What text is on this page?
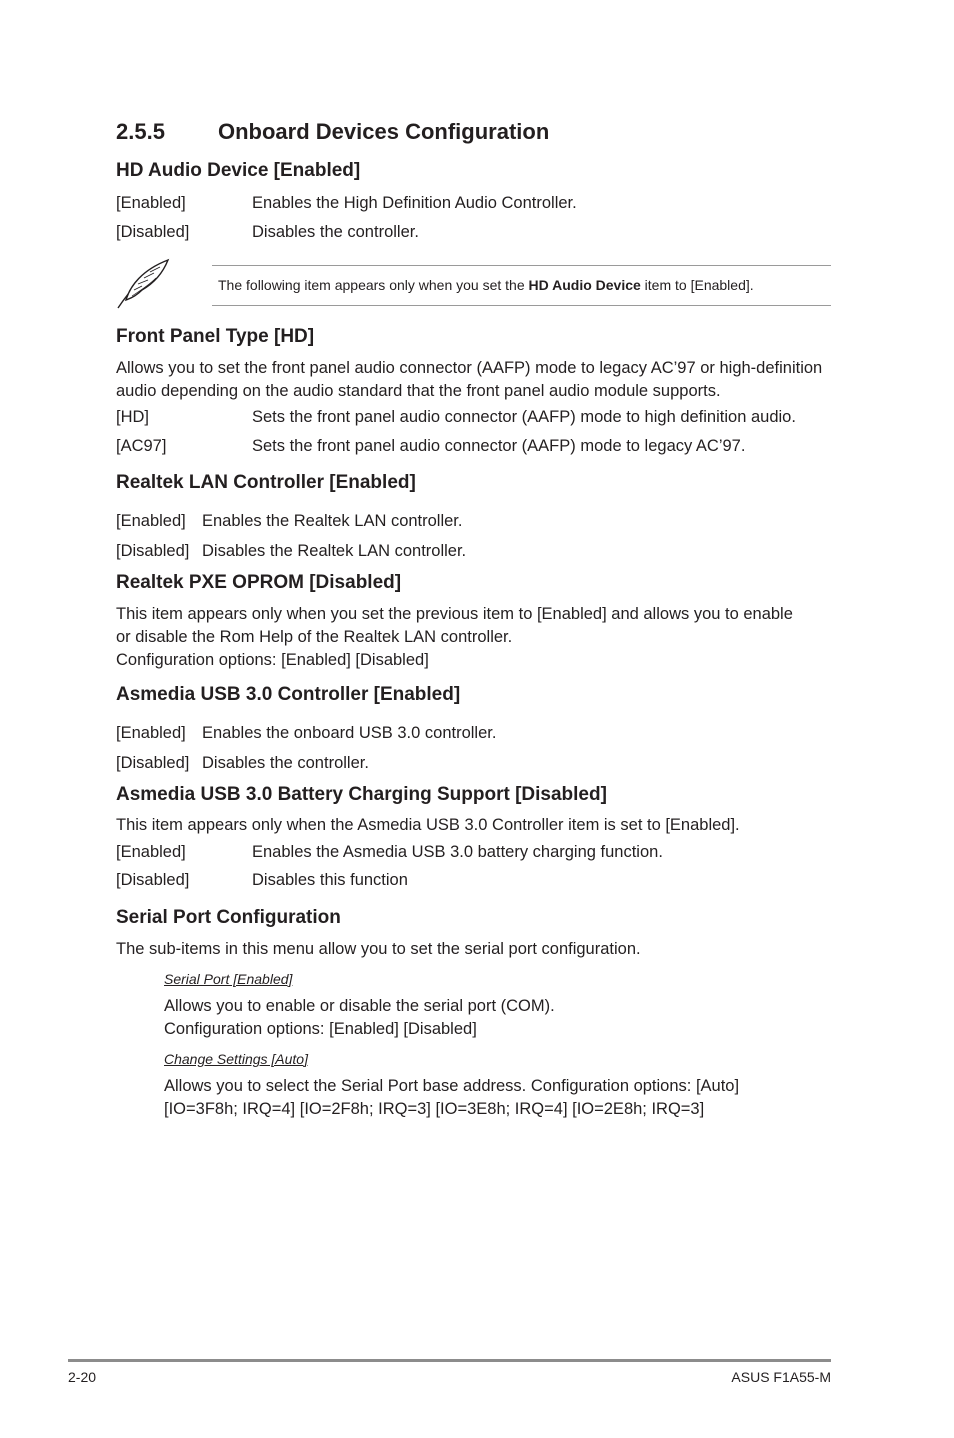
2.5.5 Onboard Devices Configuration
HD Audio Device [Enabled]
[Enabled]	Enables the High Definition Audio Controller.
[Disabled]	Disables the controller.
The following item appears only when you set the HD Audio Device item to [Enabled].
Front Panel Type [HD]
Allows you to set the front panel audio connector (AAFP) mode to legacy AC’97 or high-definition audio depending on the audio standard that the front panel audio module supports.
[HD]	Sets the front panel audio connector (AAFP) mode to high definition audio.
[AC97]	Sets the front panel audio connector (AAFP) mode to legacy AC’97.
Realtek LAN Controller [Enabled]
[Enabled] Enables the Realtek LAN controller.
[Disabled] Disables the Realtek LAN controller.
Realtek PXE OPROM [Disabled]
This item appears only when you set the previous item to [Enabled] and allows you to enable
or disable the Rom Help of the Realtek LAN controller.
Configuration options: [Enabled] [Disabled]
Asmedia USB 3.0 Controller [Enabled]
[Enabled] Enables the onboard USB 3.0 controller.
[Disabled] Disables the controller.
Asmedia USB 3.0 Battery Charging Support [Disabled]
This item appears only when the Asmedia USB 3.0 Controller item is set to [Enabled].
[Enabled]	Enables the Asmedia USB 3.0 battery charging function.
[Disabled]	Disables this function
Serial Port Configuration
The sub-items in this menu allow you to set the serial port configuration.
Serial Port [Enabled]
Allows you to enable or disable the serial port (COM).
Configuration options: [Enabled] [Disabled]
Change Settings [Auto]
Allows you to select the Serial Port base address. Configuration options: [Auto]
[IO=3F8h; IRQ=4] [IO=2F8h; IRQ=3] [IO=3E8h; IRQ=4] [IO=2E8h; IRQ=3]
2-20	ASUS F1A55-M
